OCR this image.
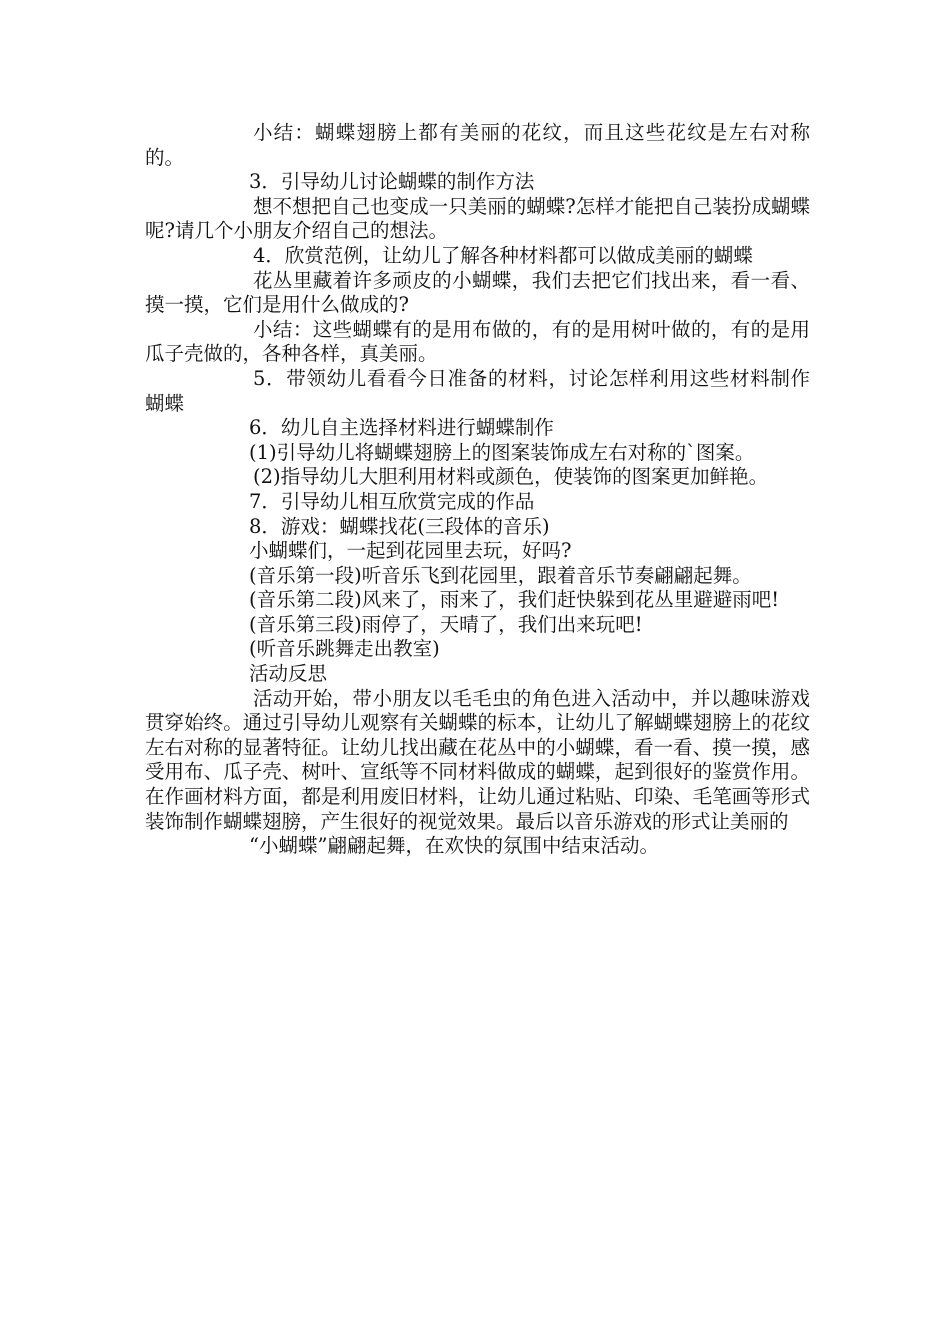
小结：蝴蝶翅膀上都有美丽的花纹，而且这些花纹是左右对称的。

3．引导幼儿讨论蝴蝶的制作方法

想不想把自己也变成一只美丽的蝴蝶?怎样才能把自己装扮成蝴蝶呢?请几个小朋友介绍自己的想法。

4．欣赏范例，让幼儿了解各种材料都可以做成美丽的蝴蝶

花丛里藏着许多顽皮的小蝴蝶，我们去把它们找出来，看一看、摸一摸，它们是用什么做成的?

小结：这些蝴蝶有的是用布做的，有的是用树叶做的，有的是用瓜子壳做的，各种各样，真美丽。

5．带领幼儿看看今日准备的材料，讨论怎样利用这些材料制作蝴蝶

6．幼儿自主选择材料进行蝴蝶制作

(1)引导幼儿将蝴蝶翅膀上的图案装饰成左右对称的`图案。

(2)指导幼儿大胆利用材料或颜色，使装饰的图案更加鲜艳。

7．引导幼儿相互欣赏完成的作品

8．游戏：蝴蝶找花(三段体的音乐)

小蝴蝶们，一起到花园里去玩，好吗?

(音乐第一段)听音乐飞到花园里，跟着音乐节奏翩翩起舞。

(音乐第二段)风来了，雨来了，我们赶快躲到花丛里避避雨吧!

(音乐第三段)雨停了，天晴了，我们出来玩吧!

(听音乐跳舞走出教室)

活动反思

活动开始，带小朋友以毛毛虫的角色进入活动中，并以趣味游戏贯穿始终。通过引导幼儿观察有关蝴蝶的标本，让幼儿了解蝴蝶翅膀上的花纹左右对称的显著特征。让幼儿找出藏在花丛中的小蝴蝶，看一看、摸一摸，感受用布、瓜子壳、树叶、宣纸等不同材料做成的蝴蝶，起到很好的鉴赏作用。在作画材料方面，都是利用废旧材料，让幼儿通过粘贴、印染、毛笔画等形式装饰制作蝴蝶翅膀，产生很好的视觉效果。最后以音乐游戏的形式让美丽的

“小蝴蝶”翩翩起舞，在欢快的氛围中结束活动。
